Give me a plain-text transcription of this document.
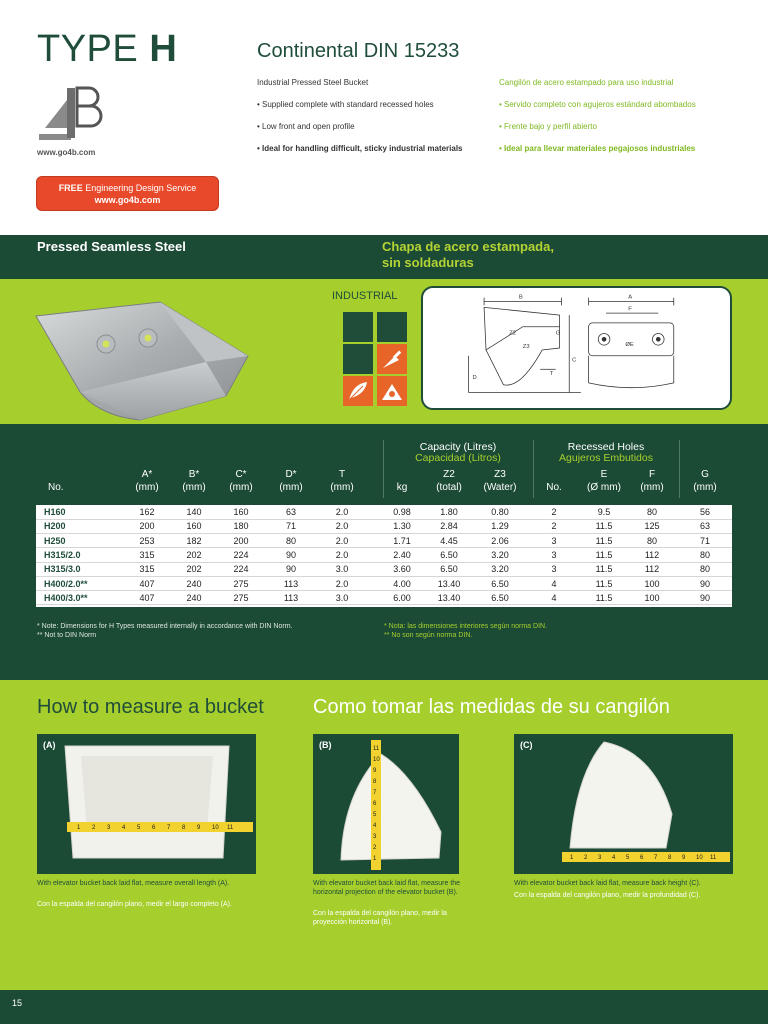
TYPE H
www.go4b.com
FREE Engineering Design Service
www.go4b.com
Continental DIN 15233

Industrial Pressed Steel Bucket

• Supplied complete with standard recessed holes

• Low front and open profile

• Ideal for handling difficult, sticky industrial materials

Cangilón de acero estampado para uso industrial

• Servido completo con agujeros estándard abombados

• Frente bajo y perfil abierto

• Ideal para llevar materiales pegajosos industriales

Pressed Seamless Steel	Chapa de acero estampada,
sin soldaduras
INDUSTRIAL	B
Z2
Z3
G
C
D
T
A
F
ØE
Capacity (Litres)
Capacidad (Litros)
Recessed Holes
Agujeros Embutidos
No.
A*
(mm)
B*
(mm)
C*
(mm)
D*
(mm)
T
(mm)	kg
Z2
(total)
Z3
(Water)	No.
E
(Ø mm)
F
(mm)
G
(mm)
H160	162	140	160	63	2.0	0.98	1.80	0.80	2	9.5	80	56
H200	200	160	180	71	2.0	1.30	2.84	1.29	2	11.5	125	63
H250	253	182	200	80	2.0	1.71	4.45	2.06	3	11.5	80	71
H315/2.0	315	202	224	90	2.0	2.40	6.50	3.20	3	11.5	112	80
H315/3.0	315	202	224	90	3.0	3.60	6.50	3.20	3	11.5	112	80
H400/2.0**	407	240	275	113	2.0	4.00	13.40	6.50	4	11.5	100	90
H400/3.0**	407	240	275	113	3.0	6.00	13.40	6.50	4	11.5	100	90
* Note: Dimensions for H Types measured internally in accordance with DIN Norm.
** Not to DIN Norm
* Nota: las dimensiones interiores según norma DIN.
** No son según norma DIN.
How to measure a bucket Como tomar las medidas de su cangilón
(A)
1 2 3 4 5 6 7 8 9 10 11
With elevator bucket back laid flat, measure overall length (A).
Con la espalda del cangilón plano, medir el largo completo (A).
(B)
1
2
3
4
5
6
7
8
9
10
11
With elevator bucket back laid flat, measure the horizontal projection of the elevator bucket (B).
Con la espalda del cangilón plano, medir la proyección horizontal (B).
(C)
1 2 3 4 5 6 7 8 9 10 11
With elevator bucket back laid flat, measure back height (C).
Con la espalda del cangilón plano, medir la profundidad (C).
15
